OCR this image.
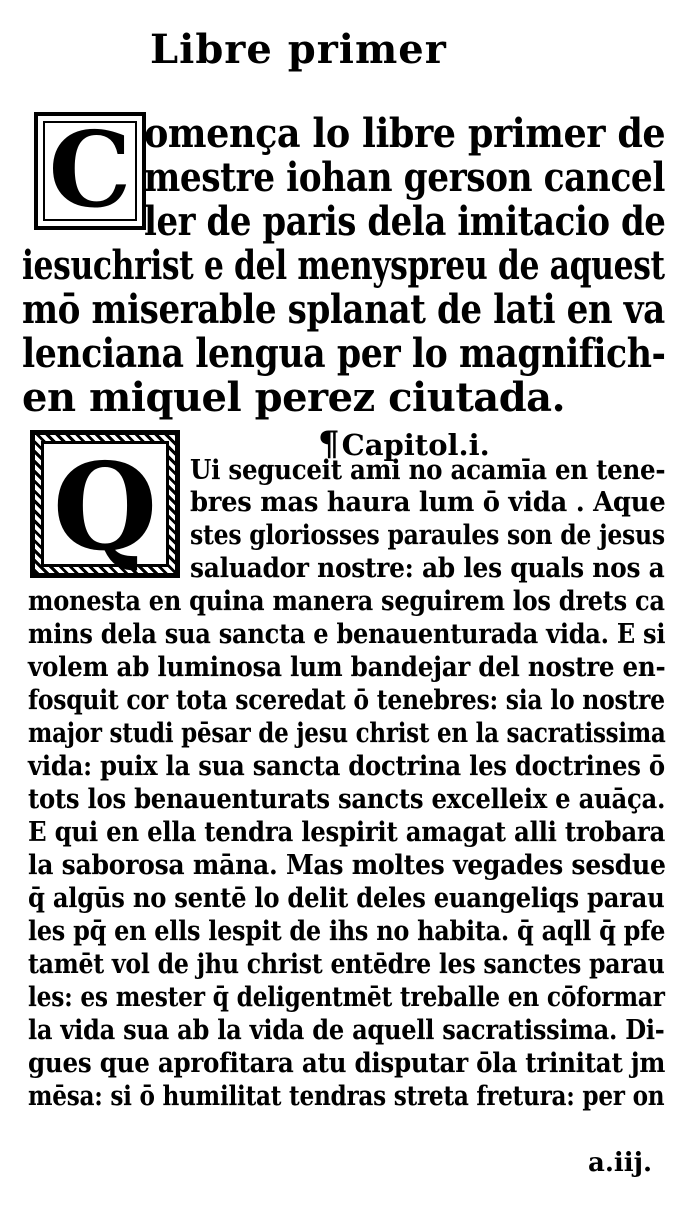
Libre primer
C omença lo libre primer de
mestre iohan gerson cancel
ler de paris dela imitacio de
iesuchrist e del menyspreu de aquest
mō miserable splanat de lati en va
lenciana lengua per lo magnifich-
en miquel perez ciutada.
¶Capitol.i.
Q	Ui seguceit ami no acamīa en tene-
bres mas haura lum ō vida . Aque
stes gloriosses paraules son de jesus
saluador nostre: ab les quals nos a
monesta en quina manera seguirem los drets ca
mins dela sua sancta e benauenturada vida. E si
volem ab luminosa lum bandejar del nostre en-
fosquit cor tota sceredat ō tenebres: sia lo nostre
major studi pēsar de jesu christ en la sacratissima
vida: puix la sua sancta doctrina les doctrines ō
tots los benauenturats sancts excelleix e auāça.
E qui en ella tendra lespirit amagat alli trobara
la saborosa māna. Mas moltes vegades sesdue
q̄ algūs no sentē lo delit deles euangeliqs parau
les pq̄ en ells lespit de ihs no habita. q̄ aqll q̄ pfe
tamēt vol de jhu christ entēdre les sanctes parau
les: es mester q̄ deligentmēt treballe en cōformar
la vida sua ab la vida de aquell sacratissima. Di-
gues que aprofitara atu disputar ōla trinitat jm
mēsa: si ō humilitat tendras streta fretura: per on
a.iij.
